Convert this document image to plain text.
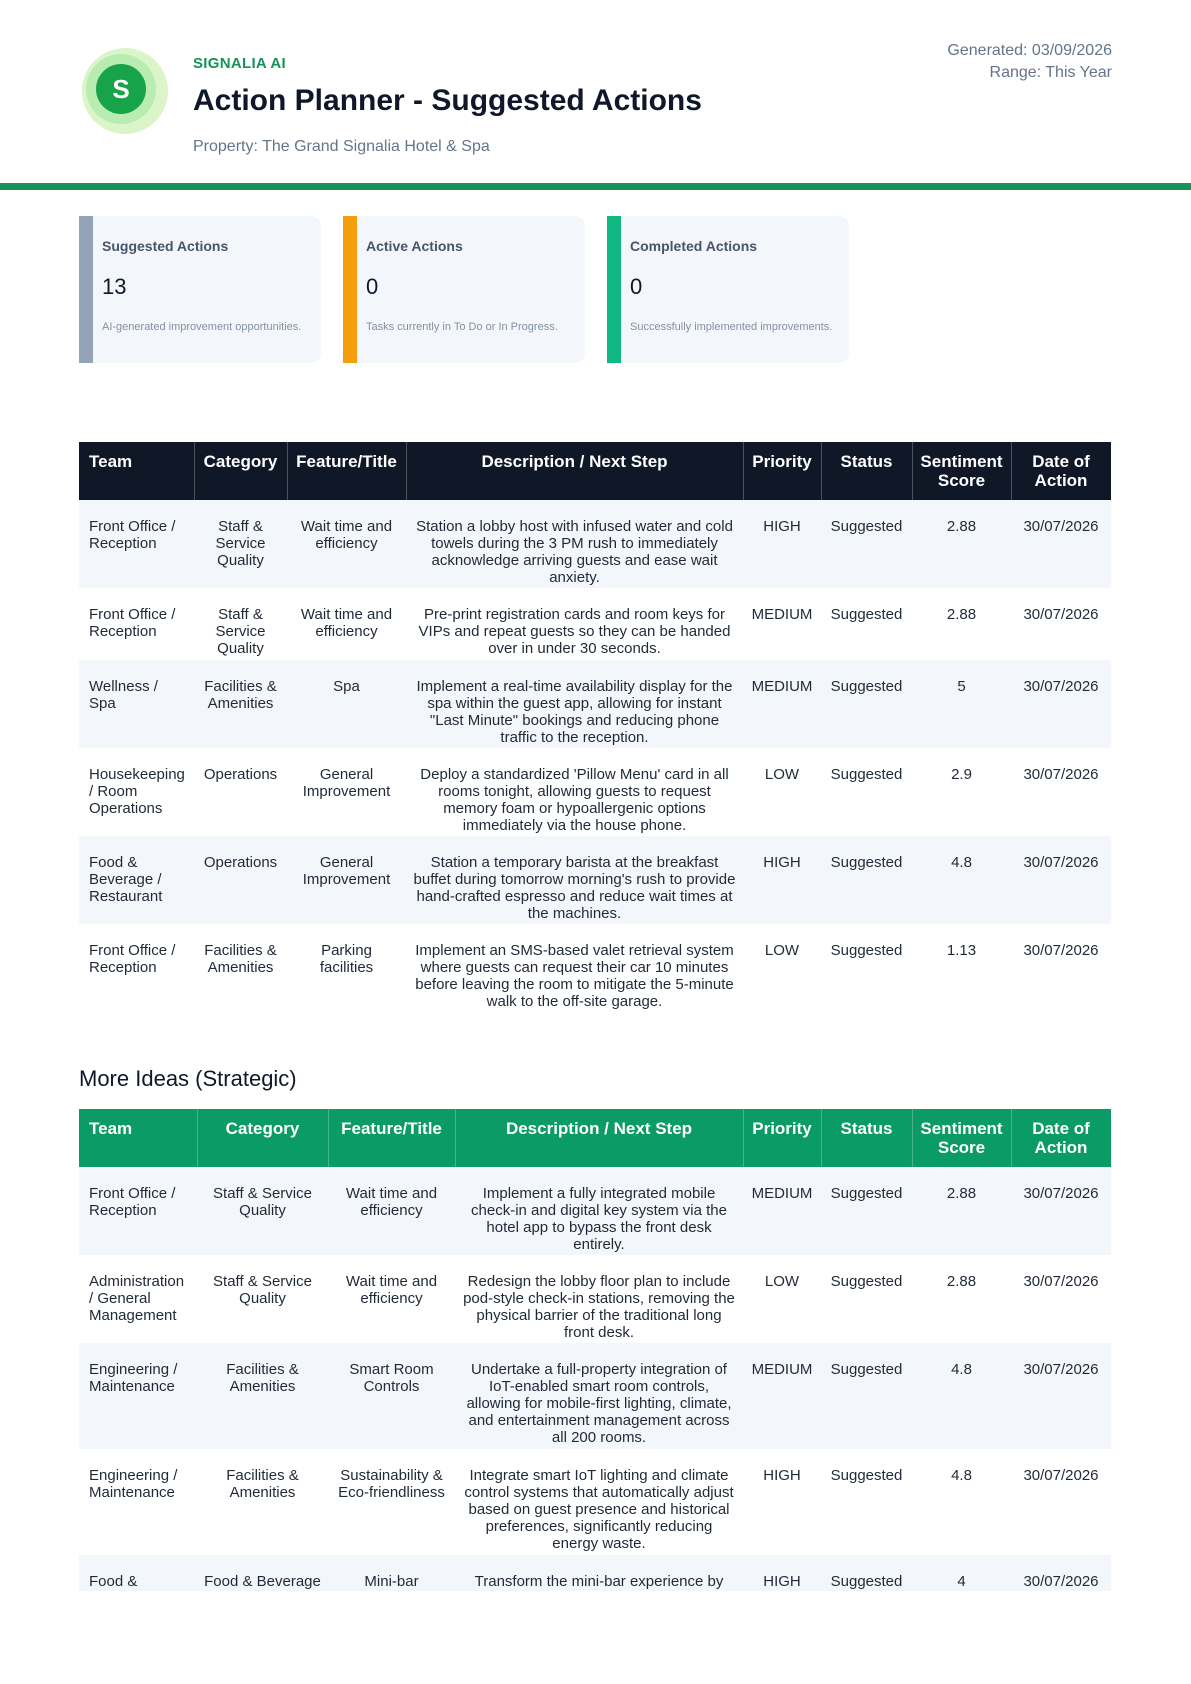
S
SIGNALIA AI
Action Planner - Suggested Actions
Property: The Grand Signalia Hotel & Spa
Generated: 03/09/2026
Range: This Year
Suggested Actions
13
AI-generated improvement opportunities.
Active Actions
0
Tasks currently in To Do or In Progress.
Completed Actions
0
Successfully implemented improvements.
Team	Category	Feature/Title	Description / Next Step	Priority	Status	Sentiment Score	Date of Action
Front Office / Reception	Staff & Service Quality	Wait time and efficiency	Station a lobby host with infused water and cold towels during the 3 PM rush to immediately acknowledge arriving guests and ease wait anxiety.	HIGH	Suggested	2.88	30/07/2026
Front Office / Reception	Staff & Service Quality	Wait time and efficiency	Pre-print registration cards and room keys for VIPs and repeat guests so they can be handed over in under 30 seconds.	MEDIUM	Suggested	2.88	30/07/2026
Wellness / Spa	Facilities & Amenities	Spa	Implement a real-time availability display for the spa within the guest app, allowing for instant "Last Minute" bookings and reducing phone traffic to the reception.	MEDIUM	Suggested	5	30/07/2026
Housekeeping / Room Operations	Operations	General Improvement	Deploy a standardized 'Pillow Menu' card in all rooms tonight, allowing guests to request memory foam or hypoallergenic options immediately via the house phone.	LOW	Suggested	2.9	30/07/2026
Food & Beverage / Restaurant	Operations	General Improvement	Station a temporary barista at the breakfast buffet during tomorrow morning's rush to provide hand-crafted espresso and reduce wait times at the machines.	HIGH	Suggested	4.8	30/07/2026
Front Office / Reception	Facilities & Amenities	Parking facilities	Implement an SMS-based valet retrieval system where guests can request their car 10 minutes before leaving the room to mitigate the 5-minute walk to the off-site garage.	LOW	Suggested	1.13	30/07/2026
More Ideas (Strategic)
Team	Category	Feature/Title	Description / Next Step	Priority	Status	Sentiment Score	Date of Action
Front Office / Reception	Staff & Service Quality	Wait time and efficiency	Implement a fully integrated mobile check-in and digital key system via the hotel app to bypass the front desk entirely.	MEDIUM	Suggested	2.88	30/07/2026
Administration / General Management	Staff & Service Quality	Wait time and efficiency	Redesign the lobby floor plan to include pod-style check-in stations, removing the physical barrier of the traditional long front desk.	LOW	Suggested	2.88	30/07/2026
Engineering / Maintenance	Facilities & Amenities	Smart Room Controls	Undertake a full-property integration of IoT-enabled smart room controls, allowing for mobile-first lighting, climate, and entertainment management across all 200 rooms.	MEDIUM	Suggested	4.8	30/07/2026
Engineering / Maintenance	Facilities & Amenities	Sustainability & Eco-friendliness	Integrate smart IoT lighting and climate control systems that automatically adjust based on guest presence and historical preferences, significantly reducing energy waste.	HIGH	Suggested	4.8	30/07/2026
Food &	Food & Beverage	Mini-bar	Transform the mini-bar experience by	HIGH	Suggested	4	30/07/2026
